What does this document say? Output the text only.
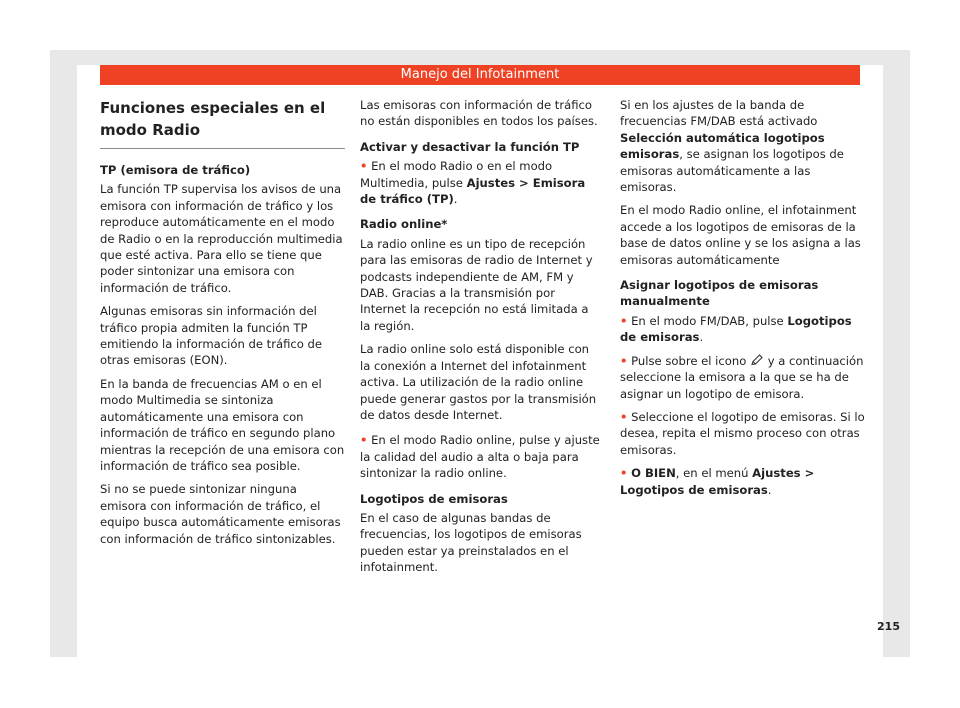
Manejo del Infotainment
Funciones especiales en el modo Radio

TP (emisora de tráfico)

La función TP supervisa los avisos de una emisora con información de tráfico y los reproduce automáticamente en el modo de Radio o en la reproducción multimedia que esté activa. Para ello se tiene que poder sintonizar una emisora con información de tráfico.

Algunas emisoras sin información del tráfico propia admiten la función TP emitiendo la información de tráfico de otras emisoras (EON).

En la banda de frecuencias AM o en el modo Multimedia se sintoniza automáticamente una emisora con información de tráfico en segundo plano mientras la recepción de una emisora con información de tráfico sea posible.

Si no se puede sintonizar ninguna emisora con información de tráfico, el equipo busca automáticamente emisoras con información de tráfico sintonizables.

Las emisoras con información de tráfico no están disponibles en todos los países.

Activar y desactivar la función TP

• En el modo Radio o en el modo Multimedia, pulse Ajustes > Emisora de tráfico (TP).

Radio online*

La radio online es un tipo de recepción para las emisoras de radio de Internet y podcasts independiente de AM, FM y DAB. Gracias a la transmisión por Internet la recepción no está limitada a la región.

La radio online solo está disponible con la conexión a Internet del infotainment activa. La utilización de la radio online puede generar gastos por la transmisión de datos desde Internet.

• En el modo Radio online, pulse y ajuste la calidad del audio a alta o baja para sintonizar la radio online.

Logotipos de emisoras

En el caso de algunas bandas de frecuencias, los logotipos de emisoras pueden estar ya preinstalados en el infotainment.

Si en los ajustes de la banda de frecuencias FM/DAB está activado Selección automática logotipos emisoras, se asignan los logotipos de emisoras automáticamente a las emisoras.

En el modo Radio online, el infotainment accede a los logotipos de emisoras de la base de datos online y se los asigna a las emisoras automáticamente

Asignar logotipos de emisoras manualmente

• En el modo FM/DAB, pulse Logotipos de emisoras.

• Pulse sobre el icono  y a continuación seleccione la emisora a la que se ha de asignar un logotipo de emisora.

• Seleccione el logotipo de emisoras. Si lo desea, repita el mismo proceso con otras emisoras.

• O BIEN, en el menú Ajustes > Logotipos de emisoras.

215
